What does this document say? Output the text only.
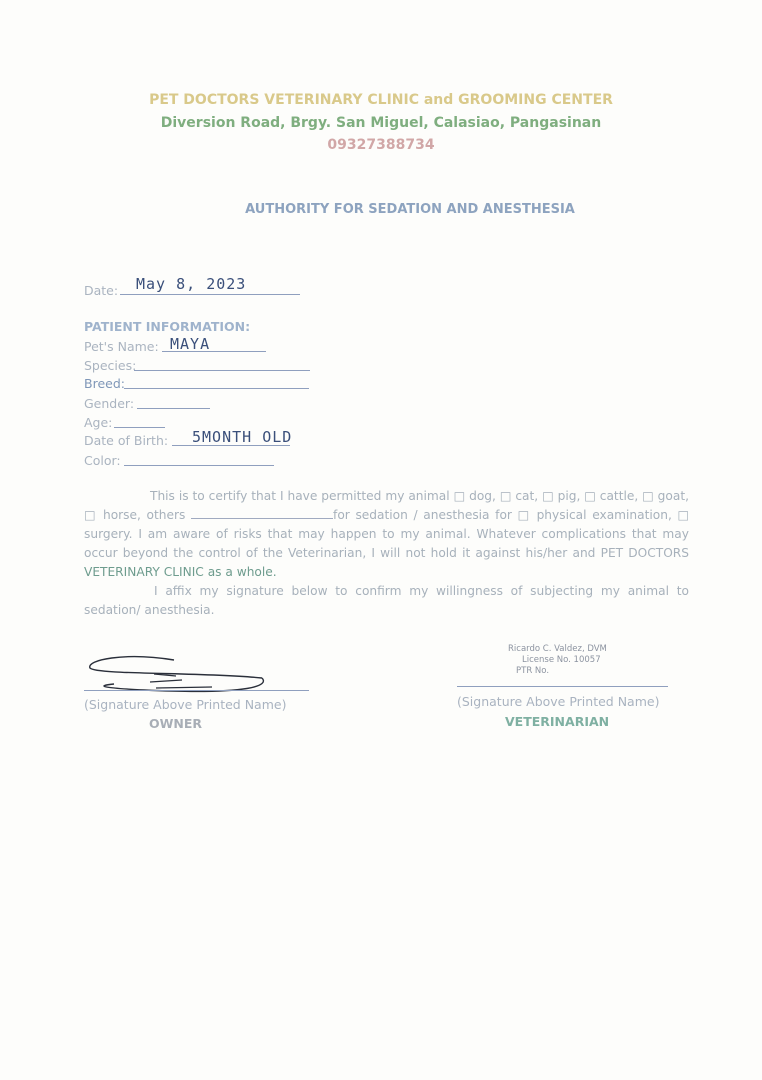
PET DOCTORS VETERINARY CLINIC and GROOMING CENTER
Diversion Road, Brgy. San Miguel, Calasiao, Pangasinan
09327388734
AUTHORITY FOR SEDATION AND ANESTHESIA
Date: May 8, 2023
PATIENT INFORMATION:
Pet's Name: MAYA
Species:
Breed:
Gender:
Age:
Date of Birth: 5MONTH OLD
Color:
This is to certify that I have permitted my animal □ dog, □ cat, □ pig, □ cattle, □ goat, □ horse, others	for sedation / anesthesia for □ physical examination, □ surgery. I am aware of risks that may happen to my animal. Whatever complications that may occur beyond the control of the Veterinarian, I will not hold it against his/her and PET DOCTORS VETERINARY CLINIC as a whole.
I affix my signature below to confirm my willingness of subjecting my animal to sedation/ anesthesia.
(Signature Above Printed Name)
OWNER
Ricardo C. Valdez, DVM
License No. 10057
PTR No.
(Signature Above Printed Name)
VETERINARIAN
